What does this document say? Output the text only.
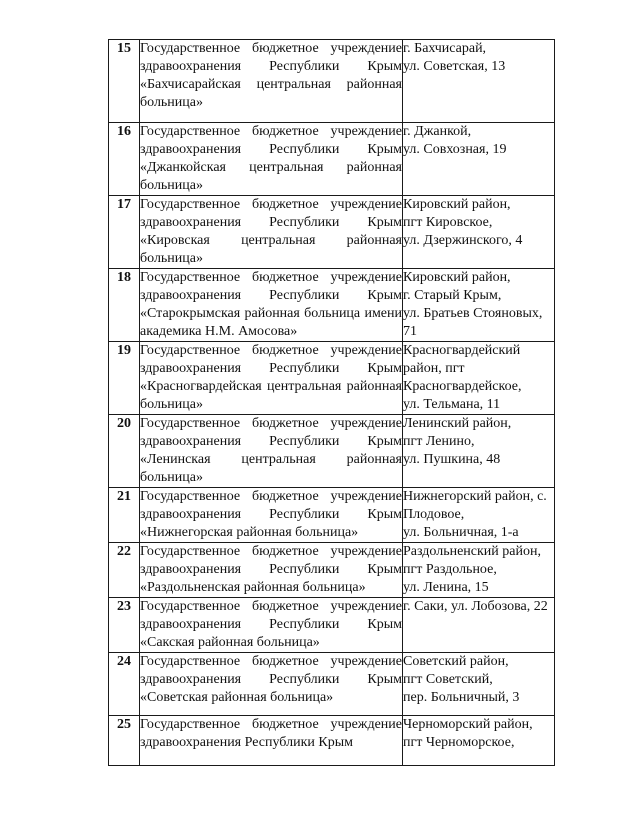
15	Государственное бюджетное учреждение
здравоохранения Республики Крым
«Бахчисарайская центральная районная
больница»	г. Бахчисарай,
ул. Советская, 13

16	Государственное бюджетное учреждение
здравоохранения Республики Крым
«Джанкойская центральная районная
больница»	г. Джанкой,
ул. Совхозная, 19

17	Государственное бюджетное учреждение
здравоохранения Республики Крым
«Кировская центральная районная
больница»	Кировский район,
пгт Кировское,
ул. Дзержинского, 4

18	Государственное бюджетное учреждение
здравоохранения Республики Крым
«Старокрымская районная больница имени
академика Н.М. Амосова»	Кировский район,
г. Старый Крым,
ул. Братьев Стояновых,
71

19	Государственное бюджетное учреждение
здравоохранения Республики Крым
«Красногвардейская центральная районная
больница»	Красногвардейский
район, пгт
Красногвардейское,
ул. Тельмана, 11

20	Государственное бюджетное учреждение
здравоохранения Республики Крым
«Ленинская центральная районная
больница»	Ленинский район,
пгт Ленино,
ул. Пушкина, 48

21	Государственное бюджетное учреждение
здравоохранения Республики Крым
«Нижнегорская районная больница»	Нижнегорский район, с.
Плодовое,
ул. Больничная, 1-а

22	Государственное бюджетное учреждение
здравоохранения Республики Крым
«Раздольненская районная больница»	Раздольненский район,
пгт Раздольное,
ул. Ленина, 15

23	Государственное бюджетное учреждение
здравоохранения Республики Крым
«Сакская районная больница»	г. Саки, ул. Лобозова, 22

24	Государственное бюджетное учреждение
здравоохранения Республики Крым
«Советская районная больница»	Советский район,
пгт Советский,
пер. Больничный, 3

25	Государственное бюджетное учреждение
здравоохранения Республики Крым	Черноморский район,
пгт Черноморское,
